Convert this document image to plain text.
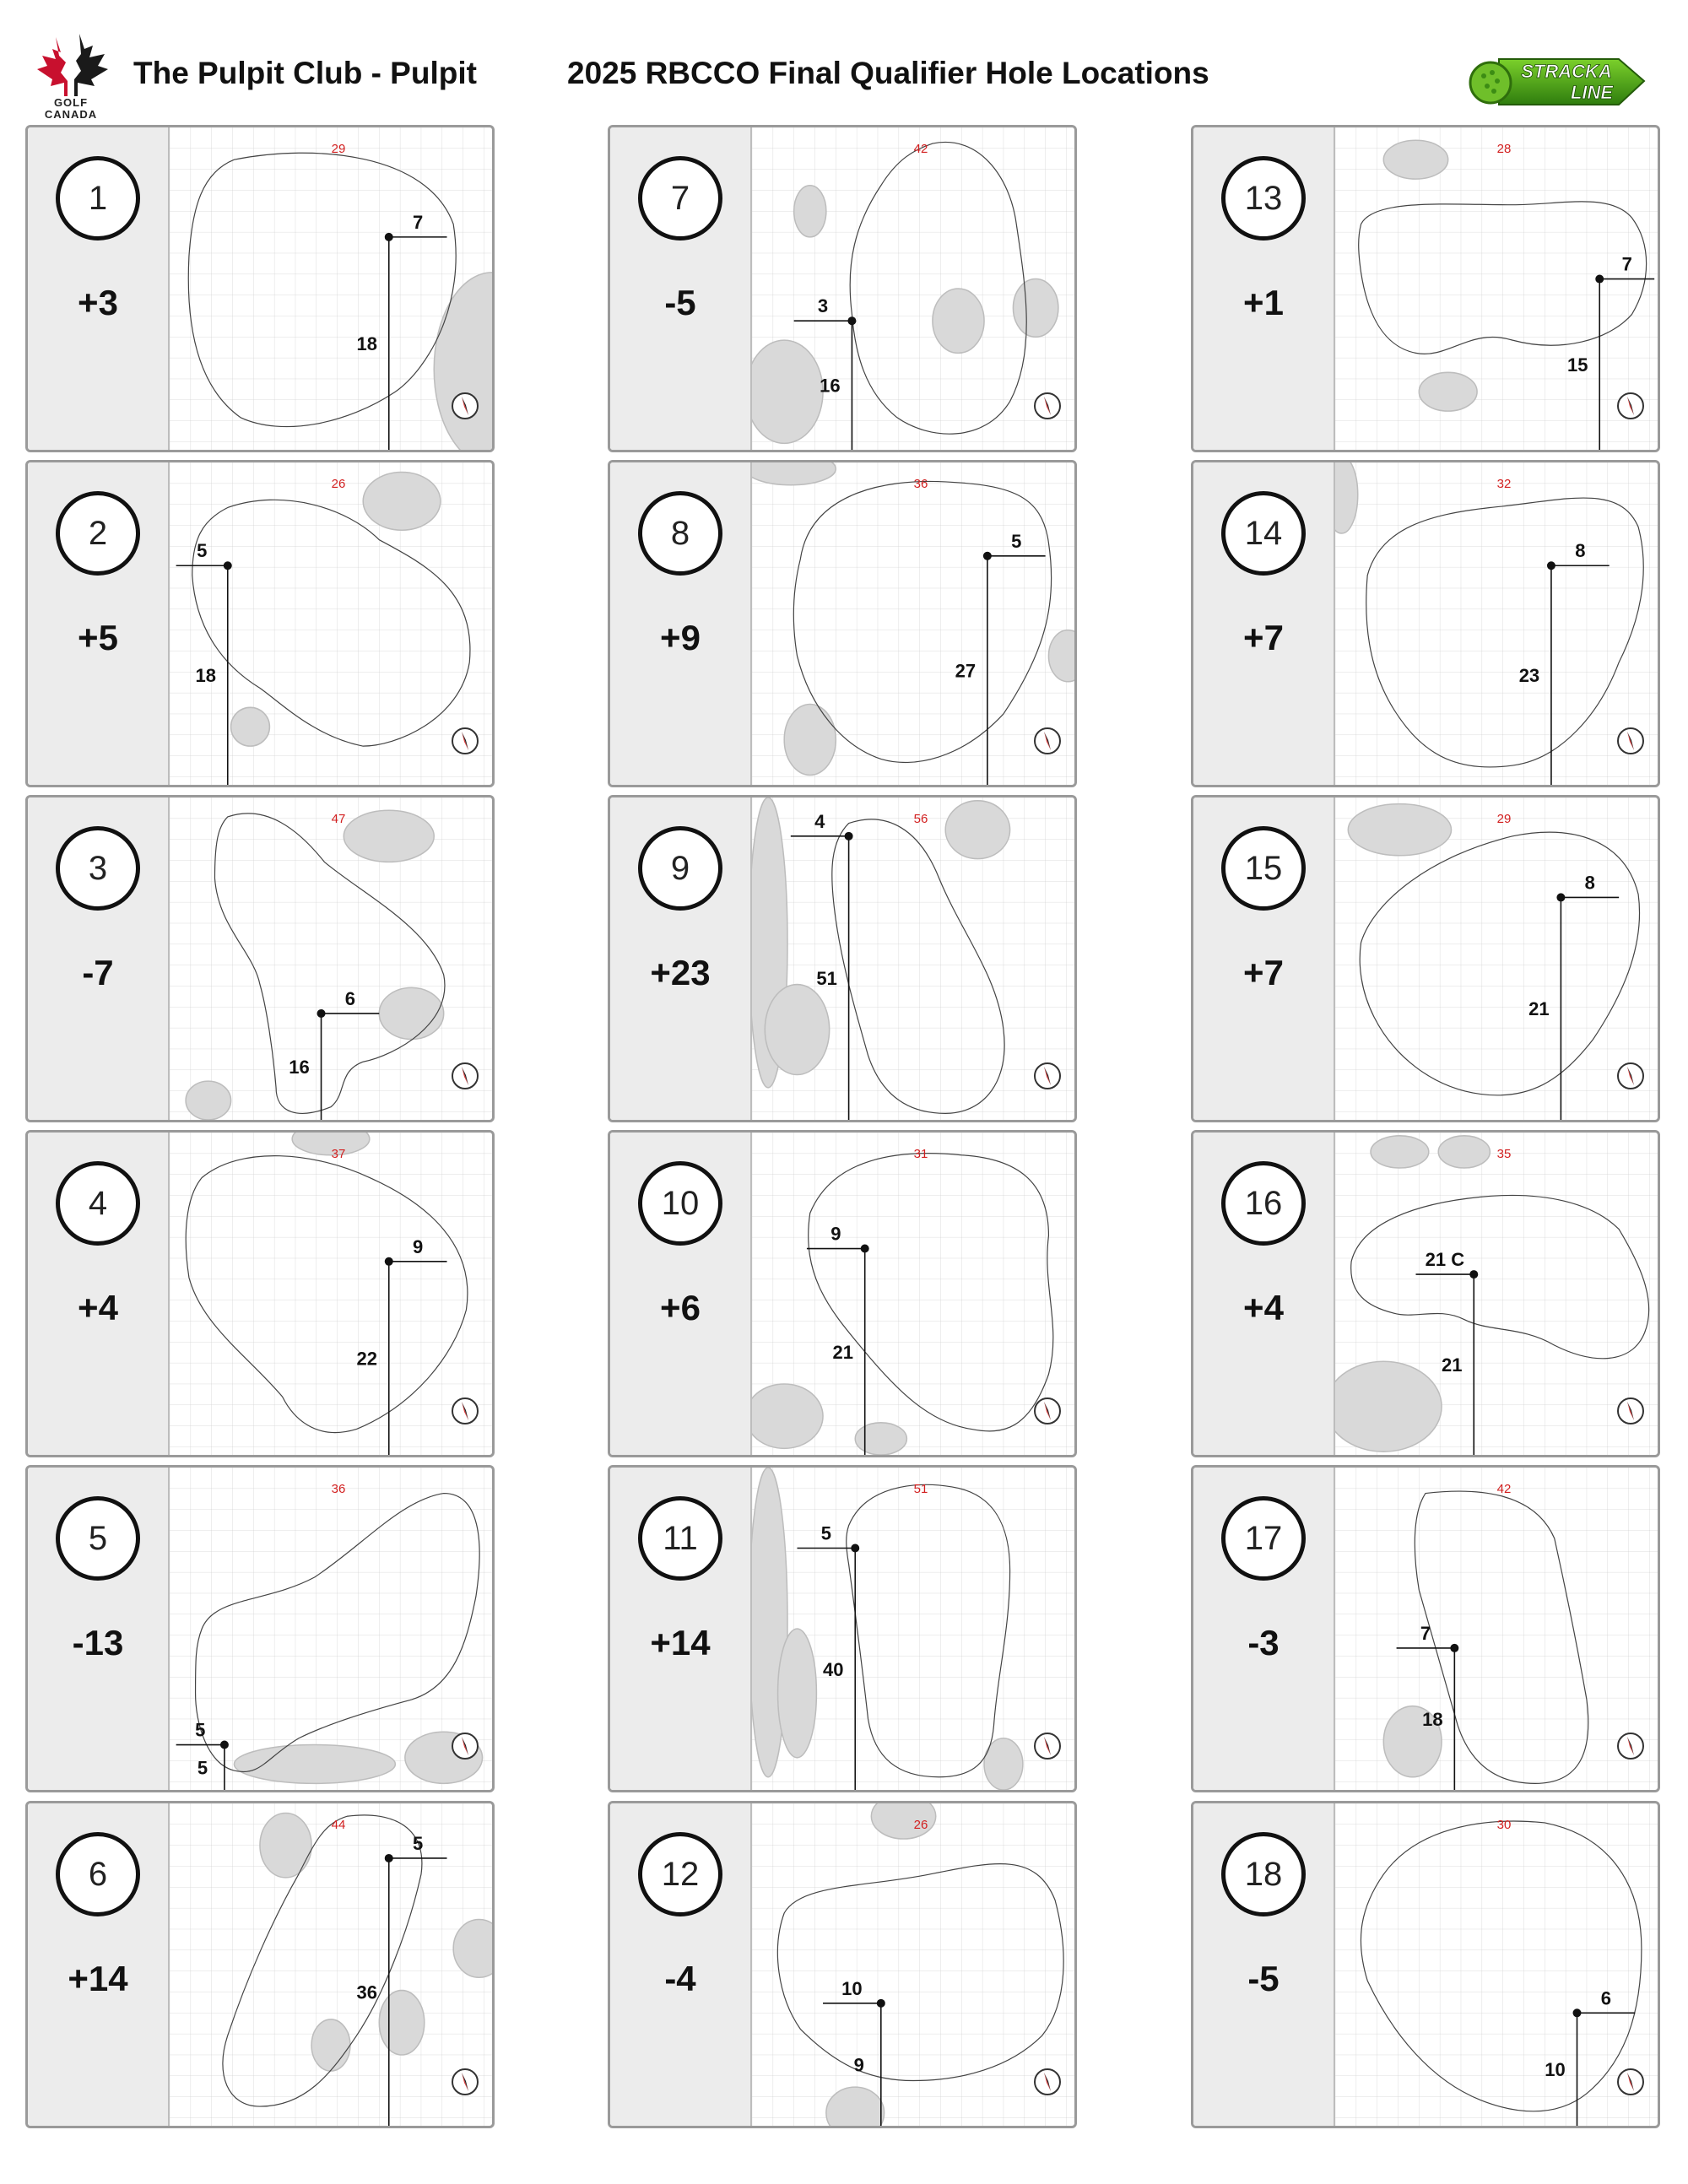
GOLF
CANADA
The Pulpit Club - Pulpit	2025 RBCCO Final Qualifier Hole Locations	STRACKA
LINE
1
+3
7
18
29
2
+5
5
18
26
3
-7
6
16
47
4
+4
9
22
37
5
-13
5
5
36
6
+14
5
36
44
7
-5	3
16
42
8
+9
5
27
36
9
+23
4
51
56
10
+6
9
21
31
11
+14
5
40
51
12
-4	10
9
26
13
+1
7
15
28
14
+7
8
23
32
15
+7
8
21
29
16
+4
21 C
21
35
17
-3	7
18
42
18
-5	6
10
30
